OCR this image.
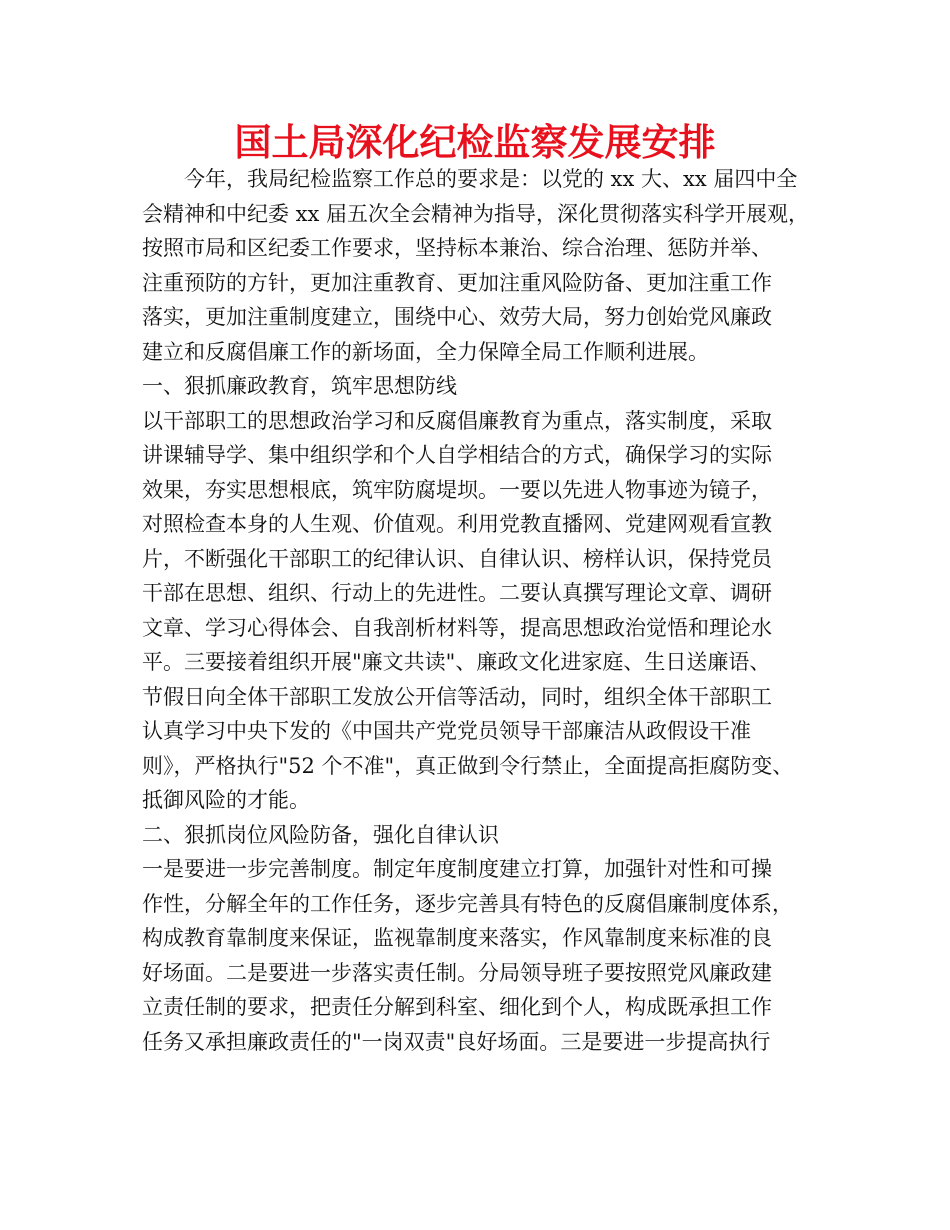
国土局深化纪检监察发展安排
今年，我局纪检监察工作总的要求是：以党的 xx 大、xx 届四中全
会精神和中纪委 xx 届五次全会精神为指导，深化贯彻落实科学开展观，
按照市局和区纪委工作要求，坚持标本兼治、综合治理、惩防并举、
注重预防的方针，更加注重教育、更加注重风险防备、更加注重工作
落实，更加注重制度建立，围绕中心、效劳大局，努力创始党风廉政
建立和反腐倡廉工作的新场面，全力保障全局工作顺利进展。
一、狠抓廉政教育，筑牢思想防线
以干部职工的思想政治学习和反腐倡廉教育为重点，落实制度，采取
讲课辅导学、集中组织学和个人自学相结合的方式，确保学习的实际
效果，夯实思想根底，筑牢防腐堤坝。一要以先进人物事迹为镜子，
对照检查本身的人生观、价值观。利用党教直播网、党建网观看宣教
片，不断强化干部职工的纪律认识、自律认识、榜样认识，保持党员
干部在思想、组织、行动上的先进性。二要认真撰写理论文章、调研
文章、学习心得体会、自我剖析材料等，提高思想政治觉悟和理论水
平。三要接着组织开展"廉文共读"、廉政文化进家庭、生日送廉语、
节假日向全体干部职工发放公开信等活动，同时，组织全体干部职工
认真学习中央下发的《中国共产党党员领导干部廉洁从政假设干准
则》，严格执行"52 个不准"，真正做到令行禁止，全面提高拒腐防变、
抵御风险的才能。
二、狠抓岗位风险防备，强化自律认识
一是要进一步完善制度。制定年度制度建立打算，加强针对性和可操
作性，分解全年的工作任务，逐步完善具有特色的反腐倡廉制度体系，
构成教育靠制度来保证，监视靠制度来落实，作风靠制度来标准的良
好场面。二是要进一步落实责任制。分局领导班子要按照党风廉政建
立责任制的要求，把责任分解到科室、细化到个人，构成既承担工作
任务又承担廉政责任的"一岗双责"良好场面。三是要进一步提高执行
